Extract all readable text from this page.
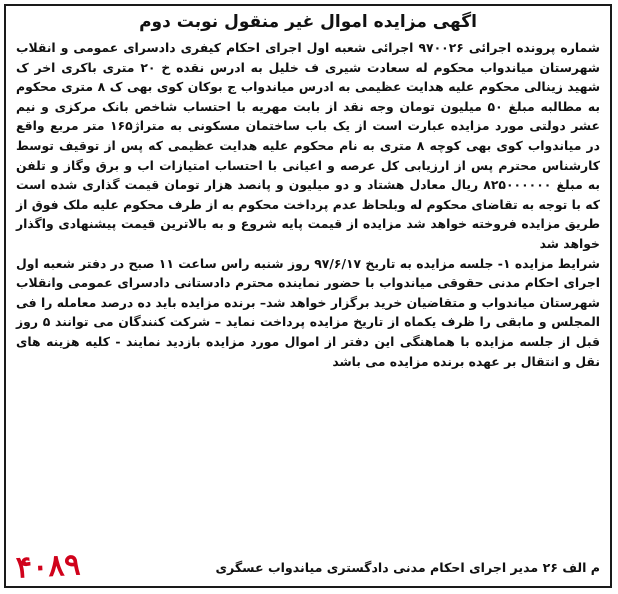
اگهی مزایده اموال غیر منقول نوبت دوم

شماره پرونده اجرائی ۹۷۰۰۲۶ اجرائی شعبه اول اجرای احکام کیفری دادسرای عمومی و انقلاب شهرستان میاندواب محکوم له سعادت شیری ف خلیل به ادرس نقده خ ۲۰ متری باکری اخر ک شهید زینالی محکوم علیه هدایت عظیمی به ادرس میاندواب ج بوکان کوی بهی ک ۸ متری محکوم به مطالبه مبلغ ۵۰ میلیون تومان وجه نقد از بابت مهریه با احتساب شاخص بانک مرکزی و نیم عشر دولتی مورد مزایده عبارت است از یک باب ساختمان مسکونی به متراژ۱۶۵ متر مربع واقع در میاندواب کوی بهی کوچه ۸ متری به نام محکوم علیه هدایت عظیمی که پس از توقیف توسط کارشناس محترم پس از ارزیابی کل عرصه و اعیانی با احتساب امتیازات اب و برق وگاز و تلفن به مبلغ ۸۲۵۰۰۰۰۰۰ ریال معادل هشتاد و دو میلیون و پانصد هزار تومان قیمت گذاری شده است که با توجه به تقاضای محکوم له وبلحاظ عدم پرداخت محکوم به از طرف محکوم علیه ملک فوق از طریق مزایده فروخته خواهد شد مزایده از قیمت پایه شروع و به بالاترین قیمت پیشنهادی واگذار خواهد شد

شرایط مزایده ۱- جلسه مزایده به تاریخ ۹۷/۶/۱۷ روز شنبه راس ساعت ۱۱ صبح در دفتر شعبه اول اجرای احکام مدنی حقوقی میاندواب با حضور نماینده محترم دادستانی دادسرای عمومی وانقلاب شهرستان میاندواب و متقاضیان خرید برگزار خواهد شد– برنده مزایده باید ده درصد معامله را فی المجلس و مابقی را ظرف یکماه از تاریخ مزایده پرداخت نماید – شرکت کنندگان می توانند ۵ روز قبل از جلسه مزایده با هماهنگی این دفتر از اموال مورد مزایده بازدید نمایند - کلیه هزینه های نقل و انتقال بر عهده برنده مزایده می باشد

م الف ۲۶ مدیر اجرای احکام مدنی دادگستری میاندواب عسگری
۴۰۸۹
